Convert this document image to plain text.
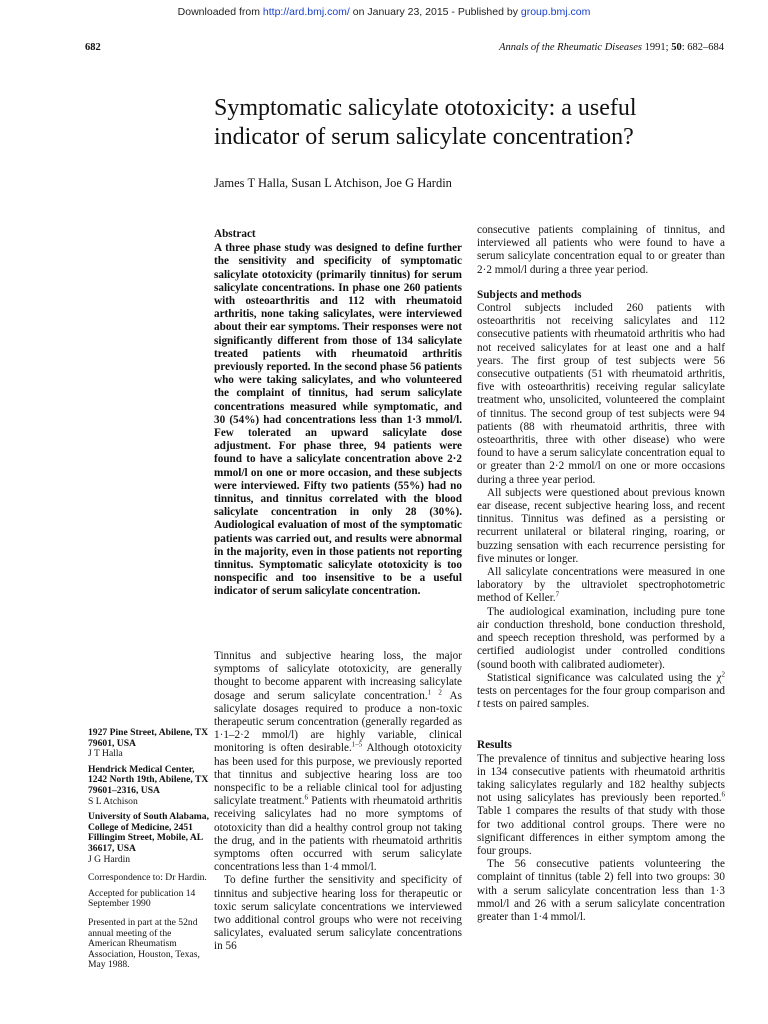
Downloaded from http://ard.bmj.com/ on January 23, 2015 - Published by group.bmj.com
682	Annals of the Rheumatic Diseases 1991; 50: 682–684
Symptomatic salicylate ototoxicity: a useful indicator of serum salicylate concentration?
James T Halla, Susan L Atchison, Joe G Hardin
Abstract

A three phase study was designed to define further the sensitivity and specificity of symptomatic salicylate ototoxicity (primarily tinnitus) for serum salicylate concentrations. In phase one 260 patients with osteoarthritis and 112 with rheumatoid arthritis, none taking salicylates, were interviewed about their ear symptoms. Their responses were not significantly different from those of 134 salicylate treated patients with rheumatoid arthritis previously reported. In the second phase 56 patients who were taking salicylates, and who volunteered the complaint of tinnitus, had serum salicylate concentrations measured while symptomatic, and 30 (54%) had concentrations less than 1·3 mmol/l. Few tolerated an upward salicylate dose adjustment. For phase three, 94 patients were found to have a salicylate concentration above 2·2 mmol/l on one or more occasion, and these subjects were interviewed. Fifty two patients (55%) had no tinnitus, and tinnitus correlated with the blood salicylate concentration in only 28 (30%). Audiological evaluation of most of the symptomatic patients was carried out, and results were abnormal in the majority, even in those patients not reporting tinnitus. Symptomatic salicylate ototoxicity is too nonspecific and too insensitive to be a useful indicator of serum salicylate concentration.

Tinnitus and subjective hearing loss, the major symptoms of salicylate ototoxicity, are generally thought to become apparent with increasing salicylate dosage and serum salicylate concentration.$^{1 2}$ As salicylate dosages required to produce a non-toxic therapeutic serum concentration (generally regarded as 1·1–2·2 mmol/l) are highly variable, clinical monitoring is often desirable.$^{1-5}$ Although ototoxicity has been used for this purpose, we previously reported that tinnitus and subjective hearing loss are too nonspecific to be a reliable clinical tool for adjusting salicylate treatment.$^6$ Patients with rheumatoid arthritis receiving salicylates had no more symptoms of ototoxicity than did a healthy control group not taking the drug, and in the patients with rheumatoid arthritis symptoms often occurred with serum salicylate concentrations less than 1·4 mmol/l.

To define further the sensitivity and specificity of tinnitus and subjective hearing loss for therapeutic or toxic serum salicylate concentrations we interviewed two additional control groups who were not receiving salicylates, evaluated serum salicylate concentrations in 56

consecutive patients complaining of tinnitus, and interviewed all patients who were found to have a serum salicylate concentration equal to or greater than 2·2 mmol/l during a three year period.

Subjects and methods

Control subjects included 260 patients with osteoarthritis not receiving salicylates and 112 consecutive patients with rheumatoid arthritis who had not received salicylates for at least one and a half years. The first group of test subjects were 56 consecutive outpatients (51 with rheumatoid arthritis, five with osteoarthritis) receiving regular salicylate treatment who, unsolicited, volunteered the complaint of tinnitus. The second group of test subjects were 94 patients (88 with rheumatoid arthritis, three with osteoarthritis, three with other disease) who were found to have a serum salicylate concentration equal to or greater than 2·2 mmol/l on one or more occasions during a three year period.

All subjects were questioned about previous known ear disease, recent subjective hearing loss, and recent tinnitus. Tinnitus was defined as a persisting or recurrent unilateral or bilateral ringing, roaring, or buzzing sensation with each recurrence persisting for five minutes or longer.

All salicylate concentrations were measured in one laboratory by the ultraviolet spectrophotometric method of Keller.$^7$

The audiological examination, including pure tone air conduction threshold, bone conduction threshold, and speech reception threshold, was performed by a certified audiologist under controlled conditions (sound booth with calibrated audiometer).

Statistical significance was calculated using the $\chi^2$ tests on percentages for the four group comparison and t tests on paired samples.

Results

The prevalence of tinnitus and subjective hearing loss in 134 consecutive patients with rheumatoid arthritis taking salicylates regularly and 182 healthy subjects not using salicylates has previously been reported.$^6$ Table 1 compares the results of that study with those for two additional control groups. There were no significant differences in either symptom among the four groups.

The 56 consecutive patients volunteering the complaint of tinnitus (table 2) fell into two groups: 30 with a serum salicylate concentration less than 1·3 mmol/l and 26 with a serum salicylate concentration greater than 1·4 mmol/l.

1927 Pine Street, Abilene, TX 79601, USA
J T Halla
Hendrick Medical Center, 1242 North 19th, Abilene, TX 79601–2316, USA
S L Atchison
University of South Alabama, College of Medicine, 2451 Fillingim Street, Mobile, AL 36617, USA
J G Hardin
Correspondence to: Dr Hardin.
Accepted for publication 14 September 1990
Presented in part at the 52nd annual meeting of the American Rheumatism Association, Houston, Texas, May 1988.
